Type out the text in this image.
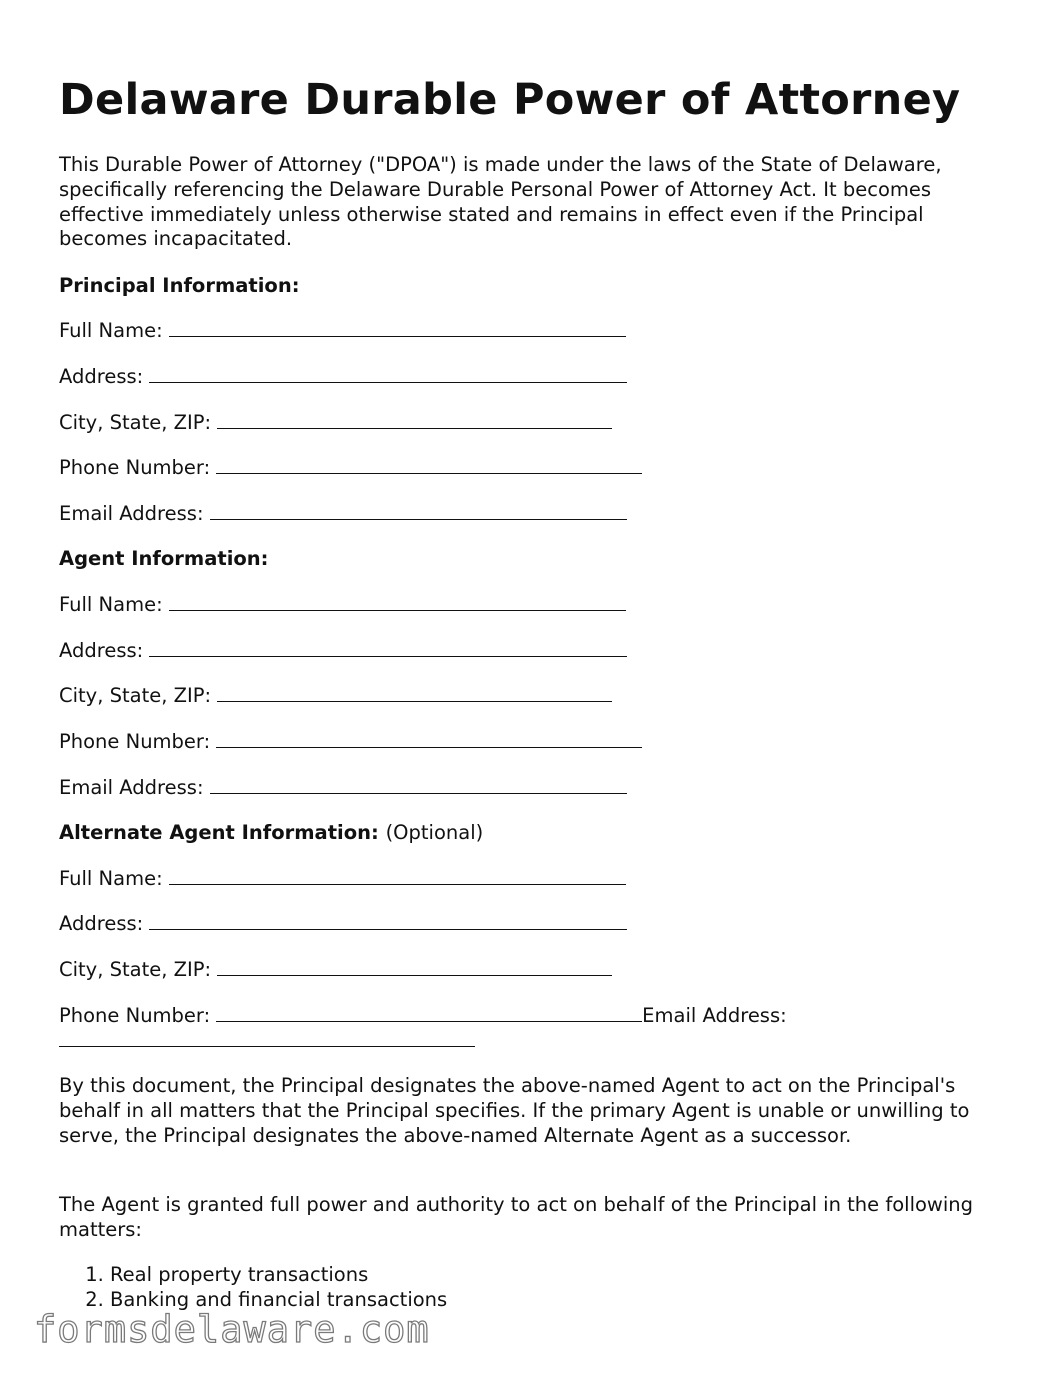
Delaware Durable Power of Attorney

This Durable Power of Attorney ("DPOA") is made under the laws of the State of Delaware, specifically referencing the Delaware Durable Personal Power of Attorney Act. It becomes effective immediately unless otherwise stated and remains in effect even if the Principal becomes incapacitated.

Principal Information:
Full Name:
Address:
City, State, ZIP:
Phone Number:
Email Address:
Agent Information:
Full Name:
Address:
City, State, ZIP:
Phone Number:
Email Address:
Alternate Agent Information: (Optional)
Full Name:
Address:
City, State, ZIP:
Phone Number:	Email Address:

By this document, the Principal designates the above-named Agent to act on the Principal's behalf in all matters that the Principal specifies. If the primary Agent is unable or unwilling to serve, the Principal designates the above-named Alternate Agent as a successor.

The Agent is granted full power and authority to act on behalf of the Principal in the following matters:

1. Real property transactions
2. Banking and financial transactions
formsdelaware.com
